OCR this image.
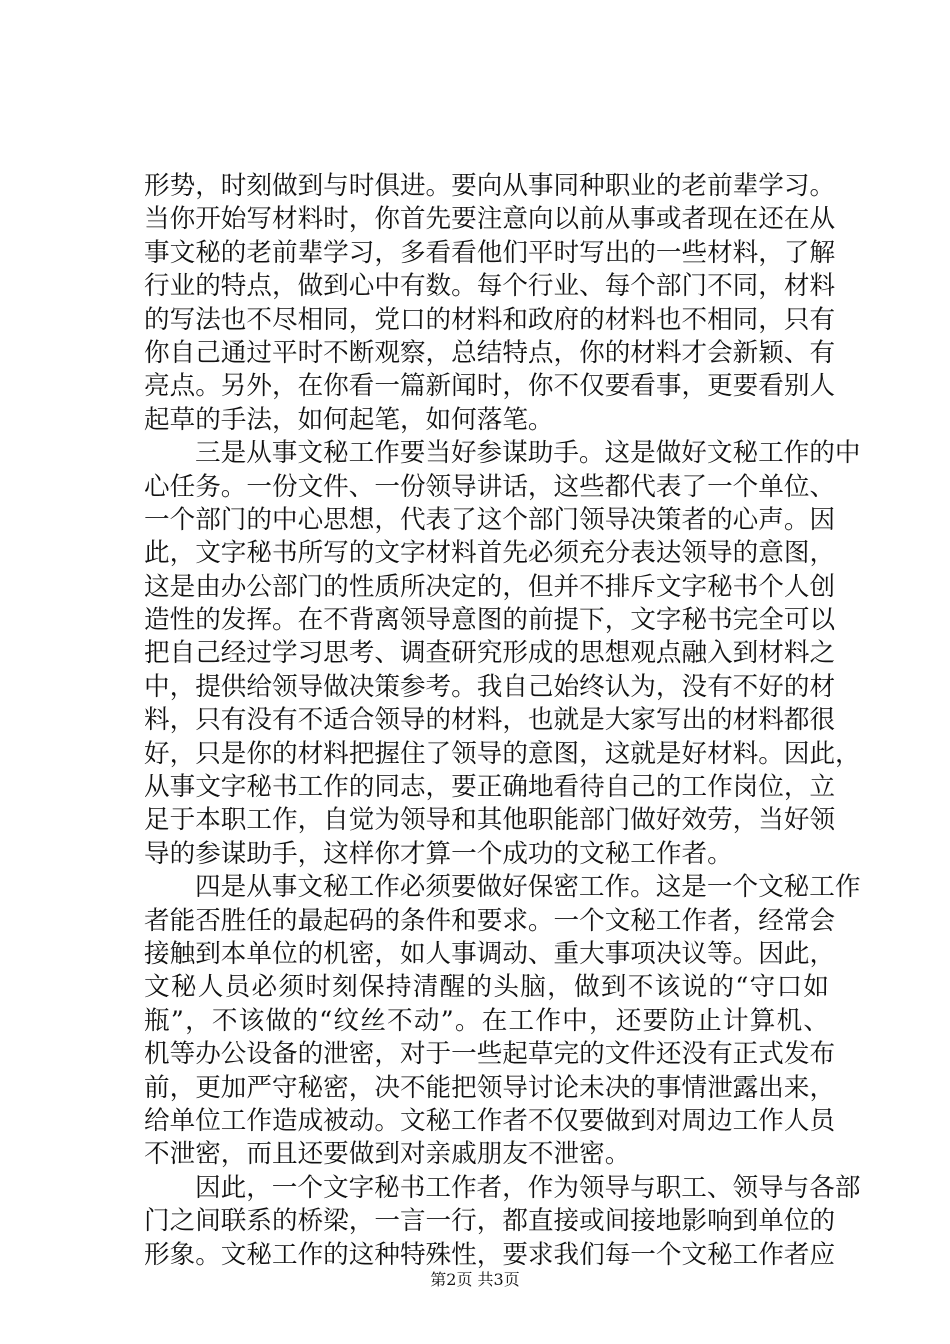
形势，时刻做到与时俱进。要向从事同种职业的老前辈学习。
当你开始写材料时，你首先要注意向以前从事或者现在还在从
事文秘的老前辈学习，多看看他们平时写出的一些材料，了解
行业的特点，做到心中有数。每个行业、每个部门不同，材料
的写法也不尽相同，党口的材料和政府的材料也不相同，只有
你自己通过平时不断观察，总结特点，你的材料才会新颖、有
亮点。另外，在你看一篇新闻时，你不仅要看事，更要看别人
起草的手法，如何起笔，如何落笔。
三是从事文秘工作要当好参谋助手。这是做好文秘工作的中
心任务。一份文件、一份领导讲话，这些都代表了一个单位、
一个部门的中心思想，代表了这个部门领导决策者的心声。因
此，文字秘书所写的文字材料首先必须充分表达领导的意图，
这是由办公部门的性质所决定的，但并不排斥文字秘书个人创
造性的发挥。在不背离领导意图的前提下，文字秘书完全可以
把自己经过学习思考、调查研究形成的思想观点融入到材料之
中，提供给领导做决策参考。我自己始终认为，没有不好的材
料，只有没有不适合领导的材料，也就是大家写出的材料都很
好，只是你的材料把握住了领导的意图，这就是好材料。因此，
从事文字秘书工作的同志，要正确地看待自己的工作岗位，立
足于本职工作，自觉为领导和其他职能部门做好效劳，当好领
导的参谋助手，这样你才算一个成功的文秘工作者。
四是从事文秘工作必须要做好保密工作。这是一个文秘工作
者能否胜任的最起码的条件和要求。一个文秘工作者，经常会
接触到本单位的机密，如人事调动、重大事项决议等。因此，
文秘人员必须时刻保持清醒的头脑，做到不该说的“守口如
瓶”，不该做的“纹丝不动”。在工作中，还要防止计算机、
机等办公设备的泄密，对于一些起草完的文件还没有正式发布
前，更加严守秘密，决不能把领导讨论未决的事情泄露出来，
给单位工作造成被动。文秘工作者不仅要做到对周边工作人员
不泄密，而且还要做到对亲戚朋友不泄密。
因此，一个文字秘书工作者，作为领导与职工、领导与各部
门之间联系的桥梁，一言一行，都直接或间接地影响到单位的
形象。文秘工作的这种特殊性，要求我们每一个文秘工作者应
第2页 共3页
